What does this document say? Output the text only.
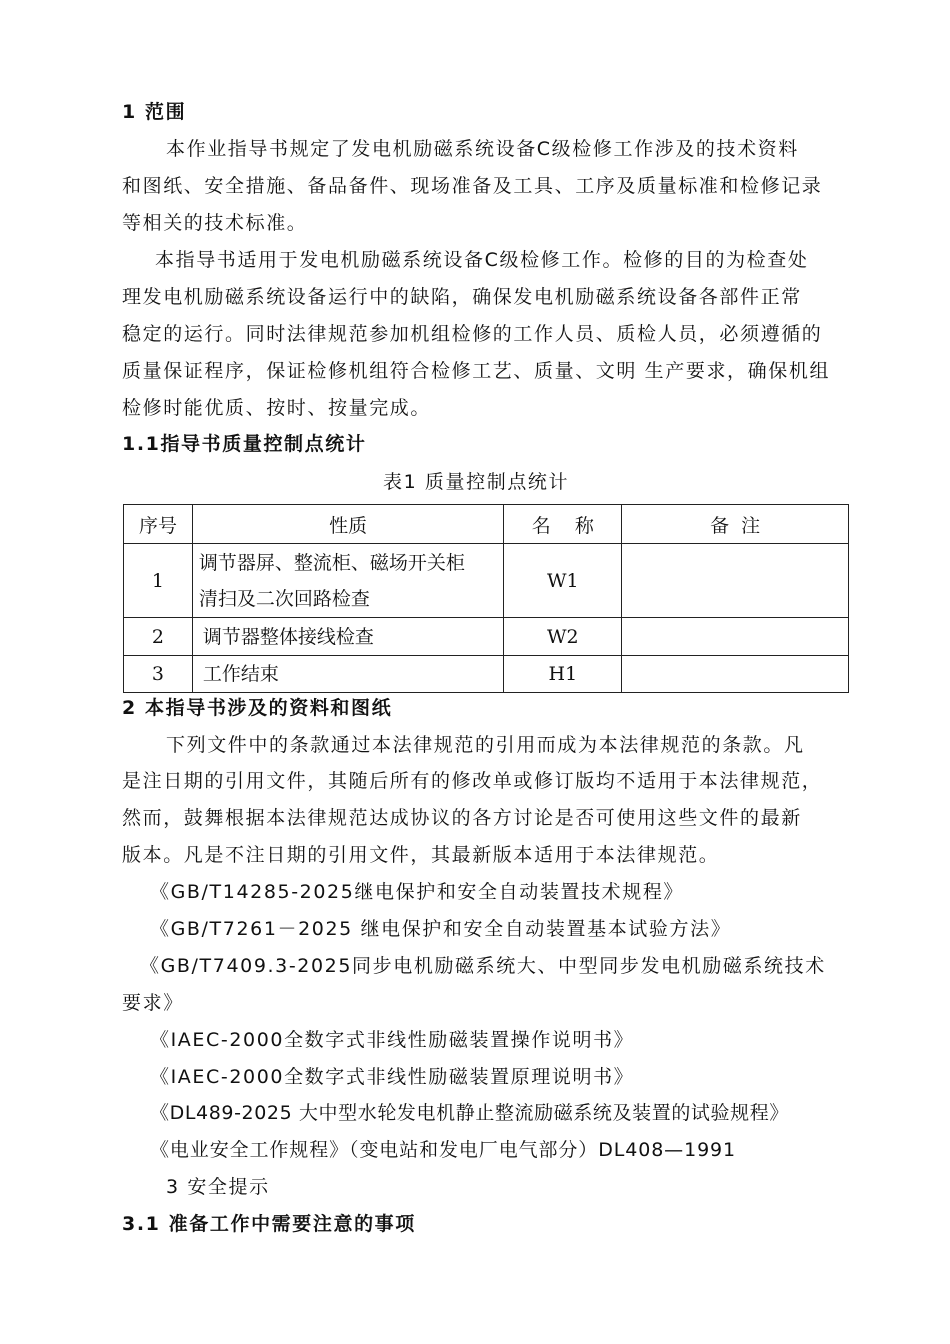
1 范围
本作业指导书规定了发电机励磁系统设备C级检修工作涉及的技术资料
和图纸、安全措施、备品备件、现场准备及工具、工序及质量标准和检修记录
等相关的技术标准。
本指导书适用于发电机励磁系统设备C级检修工作。检修的目的为检查处
理发电机励磁系统设备运行中的缺陷，确保发电机励磁系统设备各部件正常
稳定的运行。同时法律规范参加机组检修的工作人员、质检人员，必须遵循的
质量保证程序，保证检修机组符合检修工艺、质量、文明 生产要求，确保机组
检修时能优质、按时、按量完成。
1.1指导书质量控制点统计
表1 质量控制点统计
序号	性质	名    称	备  注
1	调节器屏、整流柜、磁场开关柜
清扫及二次回路检查	W1	
2	调节器整体接线检查	W2	
3	工作结束	H1	
2 本指导书涉及的资料和图纸
下列文件中的条款通过本法律规范的引用而成为本法律规范的条款。凡
是注日期的引用文件，其随后所有的修改单或修订版均不适用于本法律规范，
然而，鼓舞根据本法律规范达成协议的各方讨论是否可使用这些文件的最新
版本。凡是不注日期的引用文件，其最新版本适用于本法律规范。
《GB/T14285-2025继电保护和安全自动装置技术规程》
《GB/T7261－2025 继电保护和安全自动装置基本试验方法》
《GB/T7409.3-2025同步电机励磁系统大、中型同步发电机励磁系统技术
要求》
《IAEC-2000全数字式非线性励磁装置操作说明书》
《IAEC-2000全数字式非线性励磁装置原理说明书》
《DL489-2025 大中型水轮发电机静止整流励磁系统及装置的试验规程》
《电业安全工作规程》（变电站和发电厂电气部分）DL408—1991
3 安全提示
3.1 准备工作中需要注意的事项
